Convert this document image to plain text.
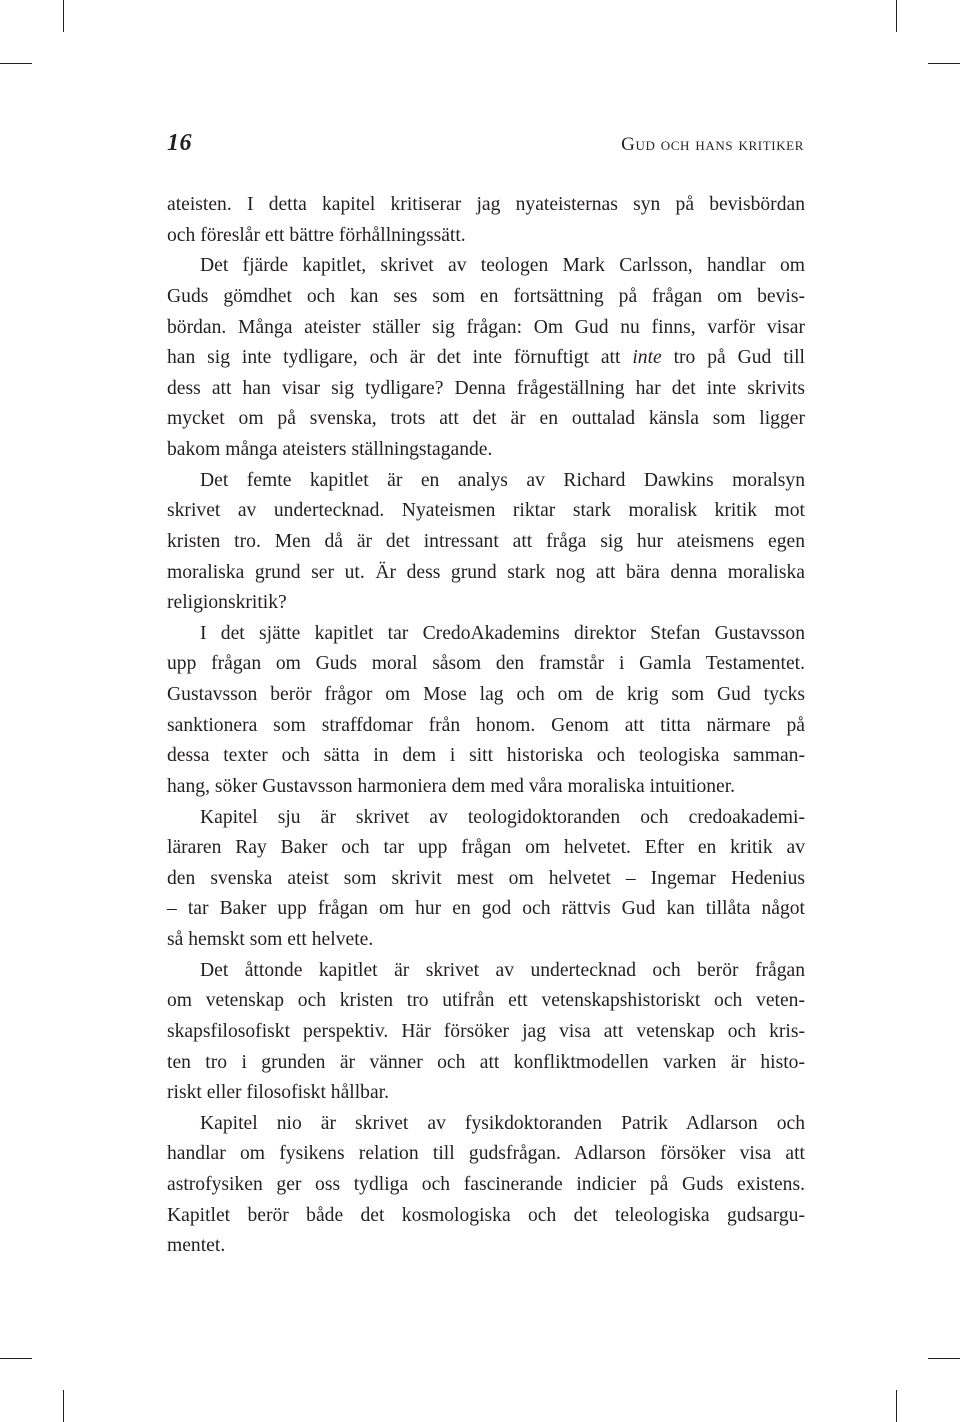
16	Gud och hans kritiker

ateisten. I detta kapitel kritiserar jag nyateisternas syn på bevisbördan
och föreslår ett bättre förhållningssätt.

Det fjärde kapitlet, skrivet av teologen Mark Carlsson, handlar om
Guds gömdhet och kan ses som en fortsättning på frågan om bevis-
bördan. Många ateister ställer sig frågan: Om Gud nu finns, varför visar
han sig inte tydligare, och är det inte förnuftigt att inte tro på Gud till
dess att han visar sig tydligare? Denna frågeställning har det inte skrivits
mycket om på svenska, trots att det är en outtalad känsla som ligger
bakom många ateisters ställningstagande.

Det femte kapitlet är en analys av Richard Dawkins moralsyn
skrivet av undertecknad. Nyateismen riktar stark moralisk kritik mot
kristen tro. Men då är det intressant att fråga sig hur ateismens egen
moraliska grund ser ut. Är dess grund stark nog att bära denna moraliska
religionskritik?

I det sjätte kapitlet tar CredoAkademins direktor Stefan Gustavsson
upp frågan om Guds moral såsom den framstår i Gamla Testamentet.
Gustavsson berör frågor om Mose lag och om de krig som Gud tycks
sanktionera som straffdomar från honom. Genom att titta närmare på
dessa texter och sätta in dem i sitt historiska och teologiska samman-
hang, söker Gustavsson harmoniera dem med våra moraliska intuitioner.

Kapitel sju är skrivet av teologidoktoranden och credoakademi-
läraren Ray Baker och tar upp frågan om helvetet. Efter en kritik av
den svenska ateist som skrivit mest om helvetet – Ingemar Hedenius
– tar Baker upp frågan om hur en god och rättvis Gud kan tillåta något
så hemskt som ett helvete.

Det åttonde kapitlet är skrivet av undertecknad och berör frågan
om vetenskap och kristen tro utifrån ett vetenskapshistoriskt och veten-
skapsfilosofiskt perspektiv. Här försöker jag visa att vetenskap och kris-
ten tro i grunden är vänner och att konfliktmodellen varken är histo-
riskt eller filosofiskt hållbar.

Kapitel nio är skrivet av fysikdoktoranden Patrik Adlarson och
handlar om fysikens relation till gudsfrågan. Adlarson försöker visa att
astrofysiken ger oss tydliga och fascinerande indicier på Guds existens.
Kapitlet berör både det kosmologiska och det teleologiska gudsargu-
mentet.
